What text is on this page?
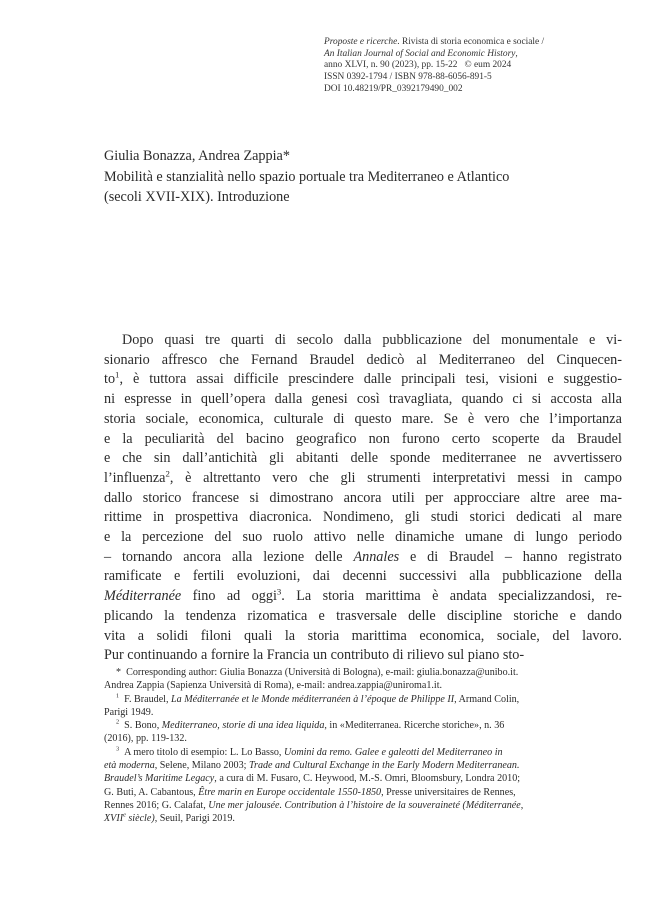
Proposte e ricerche. Rivista di storia economica e sociale /
An Italian Journal of Social and Economic History,
anno XLVI, n. 90 (2023), pp. 15-22   © eum 2024
ISSN 0392-1794 / ISBN 978-88-6056-891-5
DOI 10.48219/PR_0392179490_002
Giulia Bonazza, Andrea Zappia*
Mobilità e stanzialità nello spazio portuale tra Mediterraneo e Atlantico
(secoli XVII-XIX). Introduzione
Dopo quasi tre quarti di secolo dalla pubblicazione del monumentale e vi-
sionario affresco che Fernand Braudel dedicò al Mediterraneo del Cinquecen-
$to^1$, è tuttora assai difficile prescindere dalle principali tesi, visioni e suggestio-
ni espresse in quell’opera dalla genesi così travagliata, quando ci si accosta alla
storia sociale, economica, culturale di questo mare. Se è vero che l’importanza
e la peculiarità del bacino geografico non furono certo scoperte da Braudel
e che sin dall’antichità gli abitanti delle sponde mediterranee ne avvertissero
l’influenza$^2$, è altrettanto vero che gli strumenti interpretativi messi in campo
dallo storico francese si dimostrano ancora utili per approcciare altre aree ma-
rittime in prospettiva diacronica. Nondimeno, gli studi storici dedicati al mare
e la percezione del suo ruolo attivo nelle dinamiche umane di lungo periodo
– tornando ancora alla lezione delle Annales e di Braudel – hanno registrato
ramificate e fertili evoluzioni, dai decenni successivi alla pubblicazione della
Méditerranée fino ad oggi$^3$. La storia marittima è andata specializzandosi, re-
plicando la tendenza rizomatica e trasversale delle discipline storiche e dando
vita a solidi filoni quali la storia marittima economica, sociale, del lavoro.
Pur continuando a fornire la Francia un contributo di rilievo sul piano sto-
*  Corresponding author: Giulia Bonazza (Università di Bologna), e-mail: giulia.bonazza@unibo.it.
Andrea Zappia (Sapienza Università di Roma), e-mail: andrea.zappia@uniroma1.it.
$^1$  F. Braudel, La Méditerranée et le Monde méditerranéen à l’époque de Philippe II, Armand Colin,
Parigi 1949.
$^2$  S. Bono, Mediterraneo, storie di una idea liquida, in «Mediterranea. Ricerche storiche», n. 36
(2016), pp. 119-132.
$^3$  A mero titolo di esempio: L. Lo Basso, Uomini da remo. Galee e galeotti del Mediterraneo in
età moderna, Selene, Milano 2003; Trade and Cultural Exchange in the Early Modern Mediterranean.
Braudel’s Maritime Legacy, a cura di M. Fusaro, C. Heywood, M.-S. Omri, Bloomsbury, Londra 2010;
G. Buti, A. Cabantous, Être marin en Europe occidentale 1550-1850, Presse universitaires de Rennes,
Rennes 2016; G. Calafat, Une mer jalousée. Contribution à l’histoire de la souveraineté (Méditerranée,
XVIIe siècle), Seuil, Parigi 2019.
